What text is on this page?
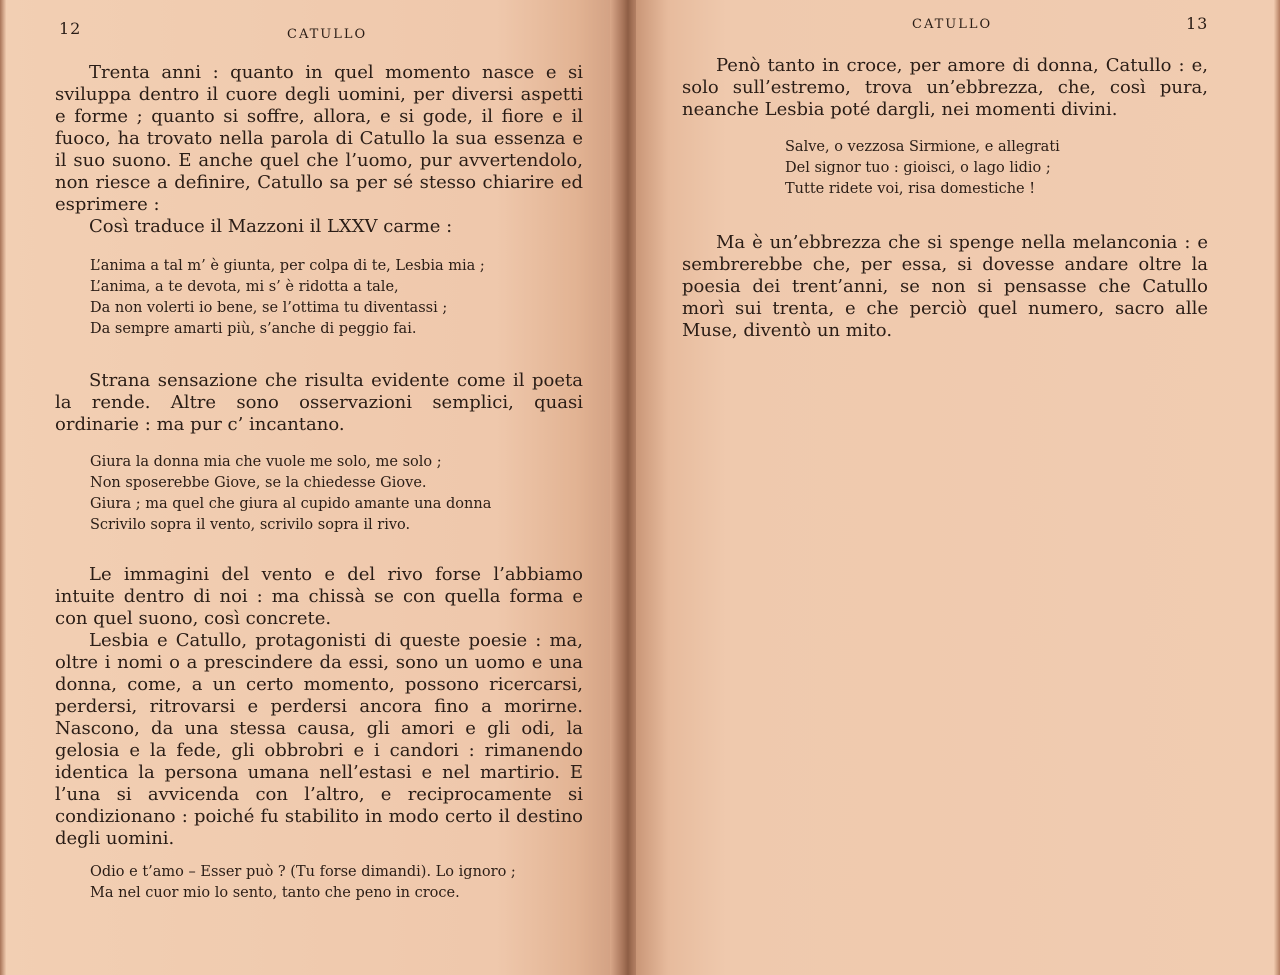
12	CATULLO

Trenta anni : quanto in quel momento nasce e si sviluppa dentro il cuore degli uomini, per diversi aspetti e forme ; quanto si soffre, allora, e si gode, il fiore e il fuoco, ha trovato nella parola di Catullo la sua essenza e il suo suono. E anche quel che l’uomo, pur avvertendolo, non riesce a definire, Catullo sa per sé stesso chiarire ed esprimere :

Così traduce il Mazzoni il LXXV carme :

L’anima a tal m’ è giunta, per colpa di te, Lesbia mia ;
L’anima, a te devota, mi s’ è ridotta a tale,
Da non volerti io bene, se l’ottima tu diventassi ;
Da sempre amarti più, s’anche di peggio fai.

Strana sensazione che risulta evidente come il poeta la rende. Altre sono osservazioni semplici, quasi ordinarie : ma pur c’ incantano.

Giura la donna mia che vuole me solo, me solo ;
Non sposerebbe Giove, se la chiedesse Giove.
Giura ; ma quel che giura al cupido amante una donna
Scrivilo sopra il vento, scrivilo sopra il rivo.

Le immagini del vento e del rivo forse l’abbiamo intuite dentro di noi : ma chissà se con quella forma e con quel suono, così concrete.

Lesbia e Catullo, protagonisti di queste poesie : ma, oltre i nomi o a prescindere da essi, sono un uomo e una donna, come, a un certo momento, possono ricercarsi, perdersi, ritrovarsi e perdersi ancora fino a morirne. Nascono, da una stessa causa, gli amori e gli odi, la gelosia e la fede, gli obbrobri e i candori : rimanendo identica la persona umana nell’estasi e nel martirio. E l’una si avvicenda con l’altro, e reciprocamente si condizionano : poiché fu stabilito in modo certo il destino degli uomini.

Odio e t’amo – Esser può ? (Tu forse dimandi). Lo ignoro ;
Ma nel cuor mio lo sento, tanto che peno in croce.
CATULLO	13

Penò tanto in croce, per amore di donna, Catullo : e, solo sull’estremo, trova un’ebbrezza, che, così pura, neanche Lesbia poté dargli, nei momenti divini.

Salve, o vezzosa Sirmione, e allegrati
Del signor tuo : gioisci, o lago lidio ;
Tutte ridete voi, risa domestiche !

Ma è un’ebbrezza che si spenge nella melanconia : e sembrerebbe che, per essa, si dovesse andare oltre la poesia dei trent’anni, se non si pensasse che Catullo morì sui trenta, e che perciò quel numero, sacro alle Muse, diventò un mito.
